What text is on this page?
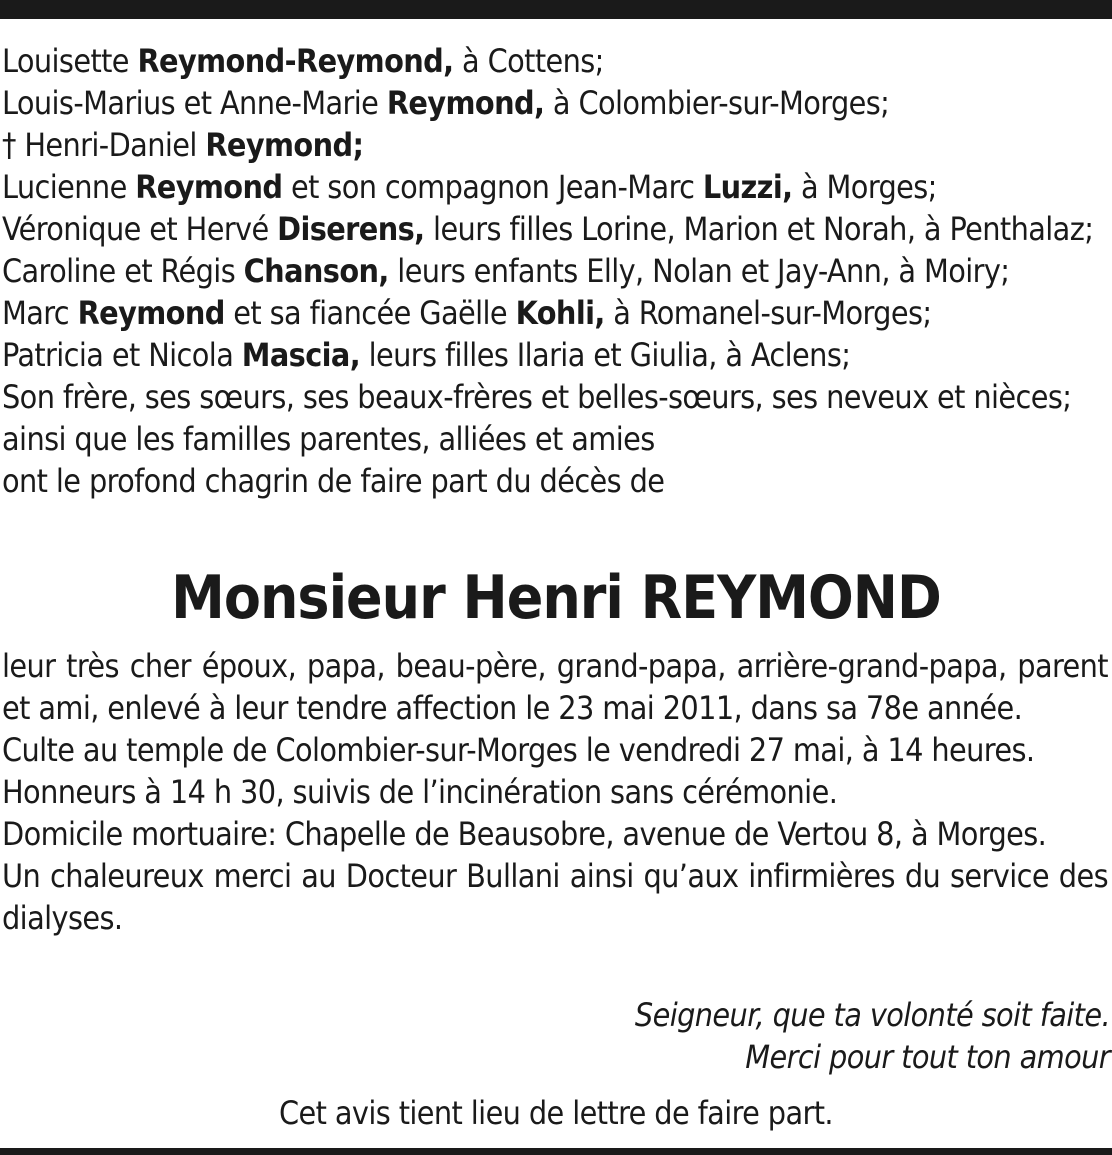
Louisette Reymond-Reymond, à Cottens;

Louis-Marius et Anne-Marie Reymond, à Colombier-sur-Morges;

† Henri-Daniel Reymond;

Lucienne Reymond et son compagnon Jean-Marc Luzzi, à Morges;

Véronique et Hervé Diserens, leurs filles Lorine, Marion et Norah, à Penthalaz;

Caroline et Régis Chanson, leurs enfants Elly, Nolan et Jay-Ann, à Moiry;

Marc Reymond et sa fiancée Gaëlle Kohli, à Romanel-sur-Morges;

Patricia et Nicola Mascia, leurs filles Ilaria et Giulia, à Aclens;

Son frère, ses sœurs, ses beaux-frères et belles-sœurs, ses neveux et nièces;

ainsi que les familles parentes, alliées et amies

ont le profond chagrin de faire part du décès de

Monsieur Henri REYMOND

leur très cher époux, papa, beau-père, grand-papa, arrière-grand-papa, parent et ami, enlevé à leur tendre affection le 23 mai 2011, dans sa 78e année.

Culte au temple de Colombier-sur-Morges le vendredi 27 mai, à 14 heures.

Honneurs à 14 h 30, suivis de l’incinération sans cérémonie.

Domicile mortuaire: Chapelle de Beausobre, avenue de Vertou 8, à Morges.

Un chaleureux merci au Docteur Bullani ainsi qu’aux infirmières du service des dialyses.

Seigneur, que ta volonté soit faite.

Merci pour tout ton amour

Cet avis tient lieu de lettre de faire part.
